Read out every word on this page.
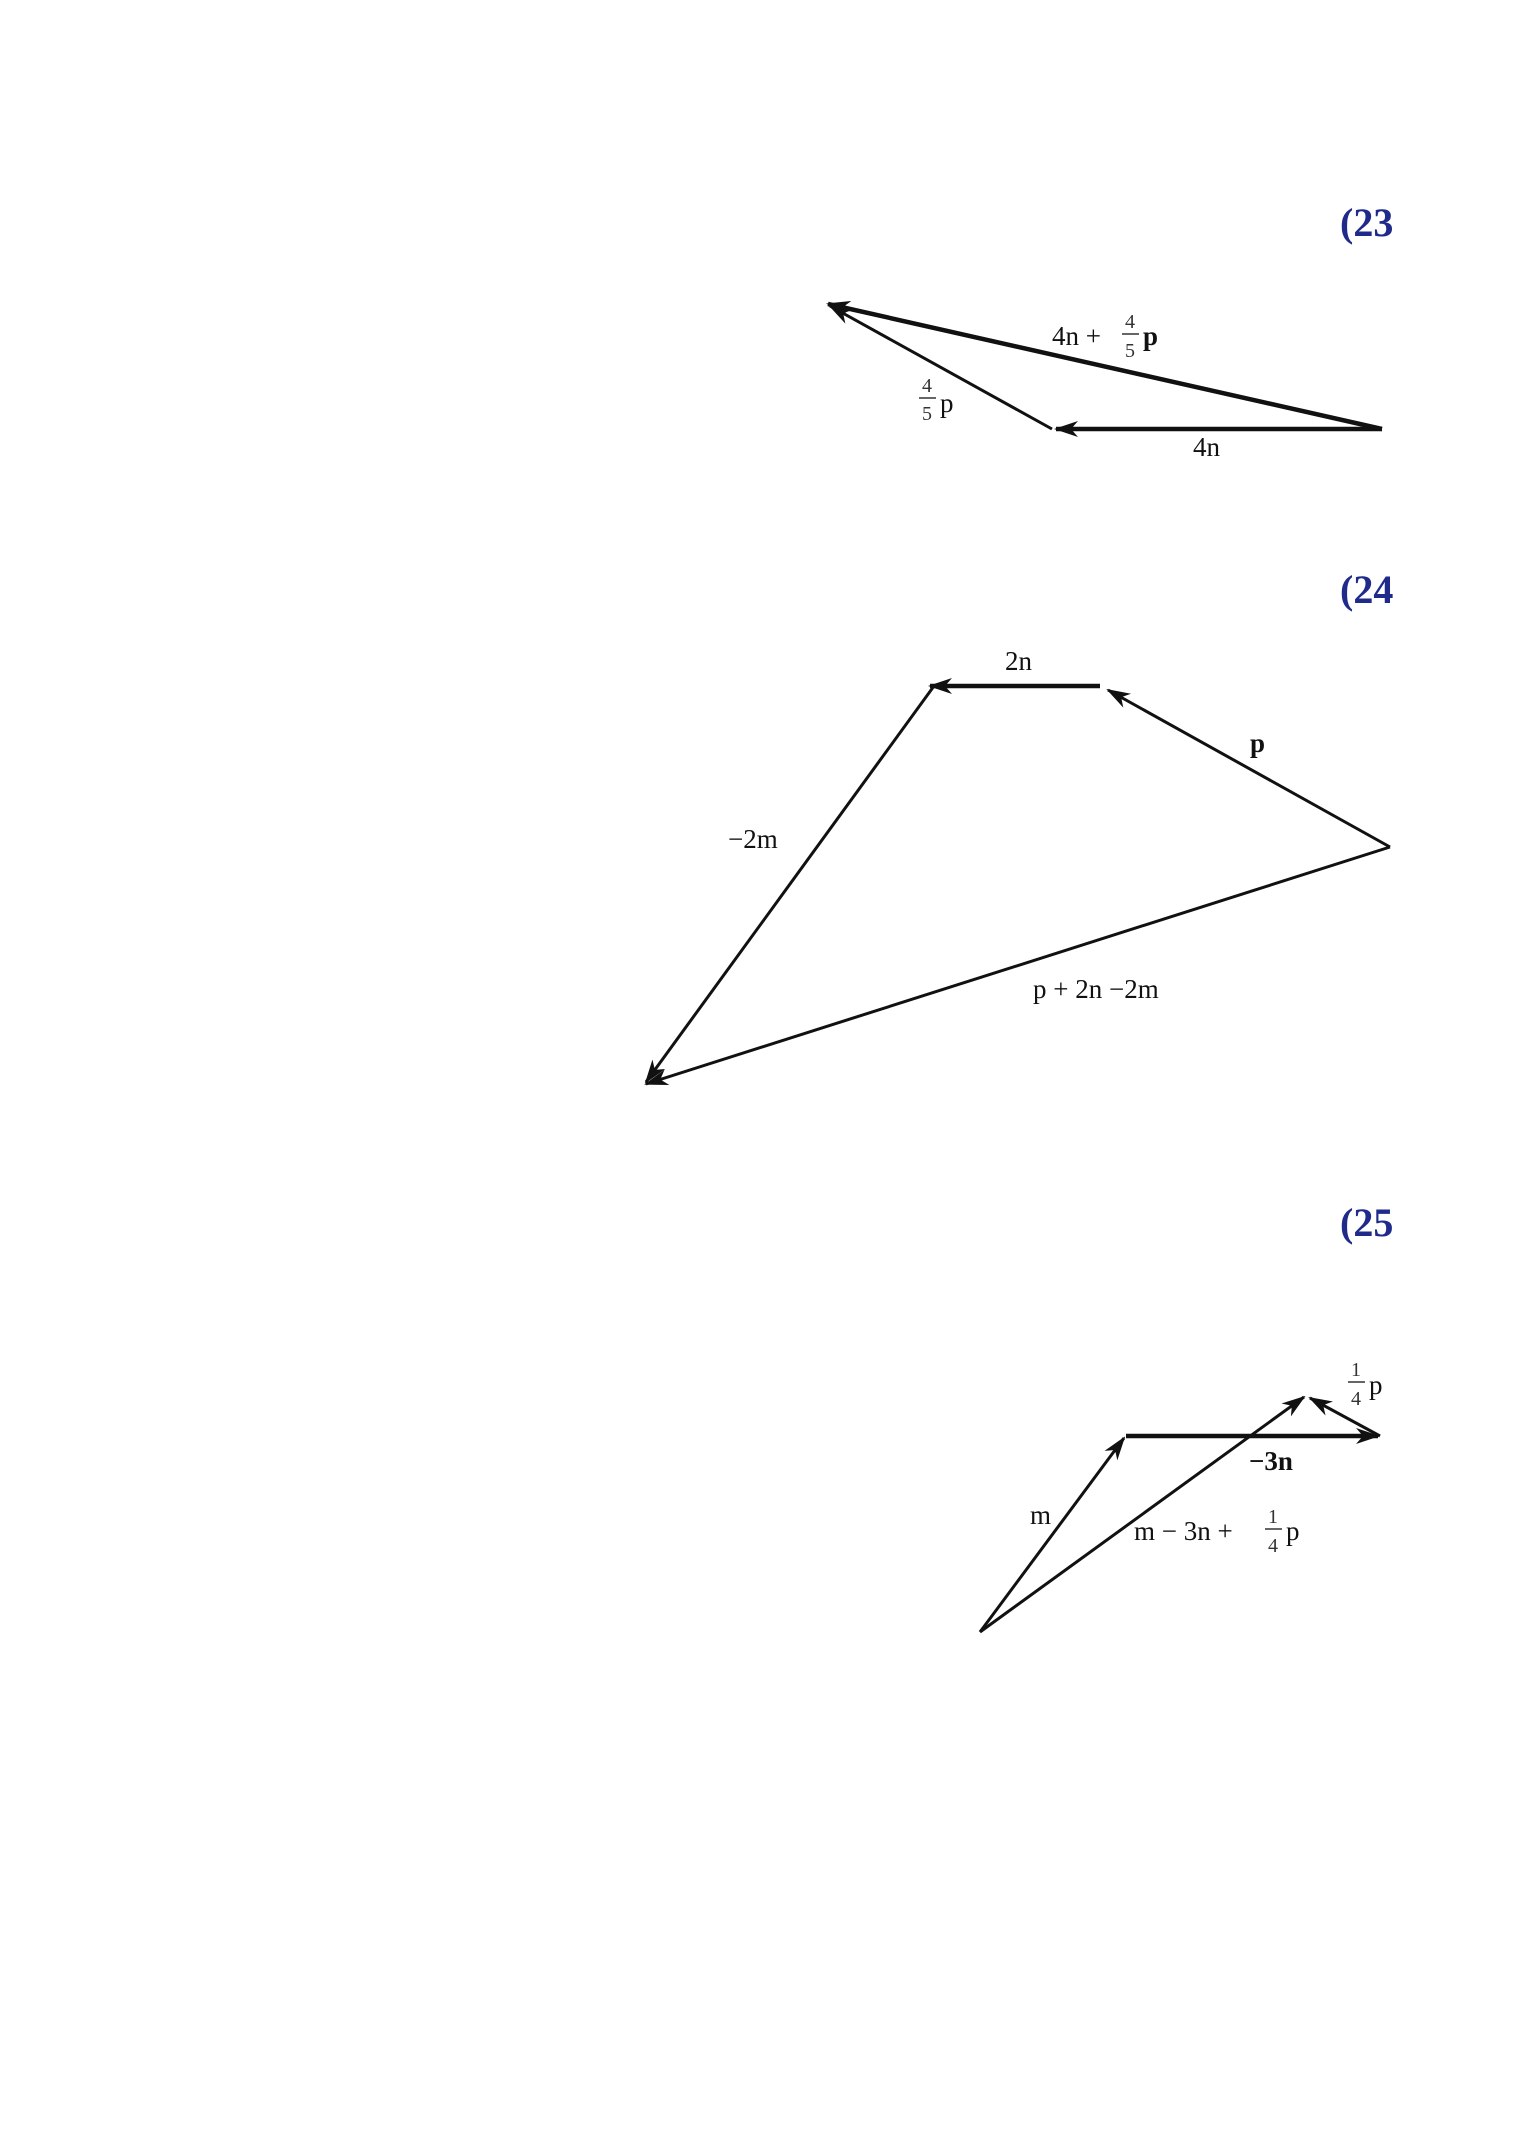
(23
4n
4
5 p
4n + 4
5 p
(24
2n
p
−2m
p + 2n −2m
(25
m
−3n
1
4 p
m − 3n + 1
4 p
